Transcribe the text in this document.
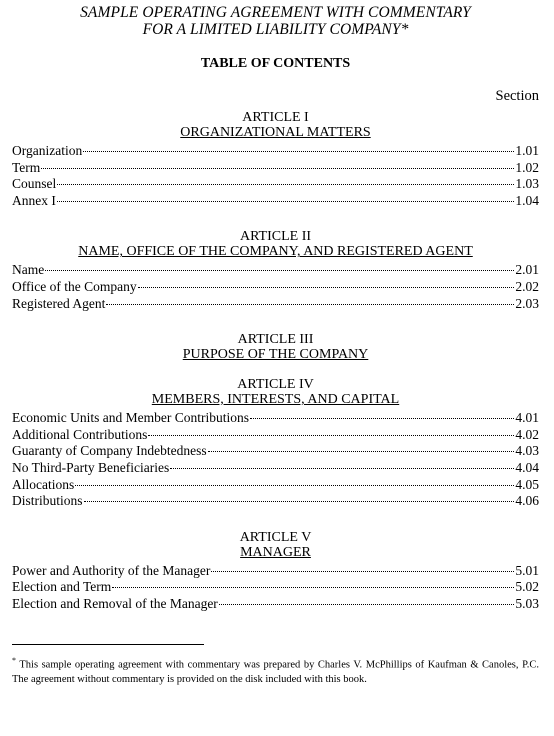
SAMPLE OPERATING AGREEMENT WITH COMMENTARY
FOR A LIMITED LIABILITY COMPANY*
TABLE OF CONTENTS
Section
ARTICLE I
ORGANIZATIONAL MATTERS
Organization	1.01
Term	1.02
Counsel	1.03
Annex I	1.04
ARTICLE II
NAME, OFFICE OF THE COMPANY, AND REGISTERED AGENT
Name	2.01
Office of the Company	2.02
Registered Agent	2.03
ARTICLE III
PURPOSE OF THE COMPANY
ARTICLE IV
MEMBERS, INTERESTS, AND CAPITAL
Economic Units and Member Contributions	4.01
Additional Contributions	4.02
Guaranty of Company Indebtedness	4.03
No Third-Party Beneficiaries	4.04
Allocations	4.05
Distributions	4.06
ARTICLE V
MANAGER
Power and Authority of the Manager	5.01
Election and Term	5.02
Election and Removal of the Manager	5.03
* This sample operating agreement with commentary was prepared by Charles V. McPhillips of Kaufman & Canoles, P.C. The agreement without commentary is provided on the disk included with this book.
